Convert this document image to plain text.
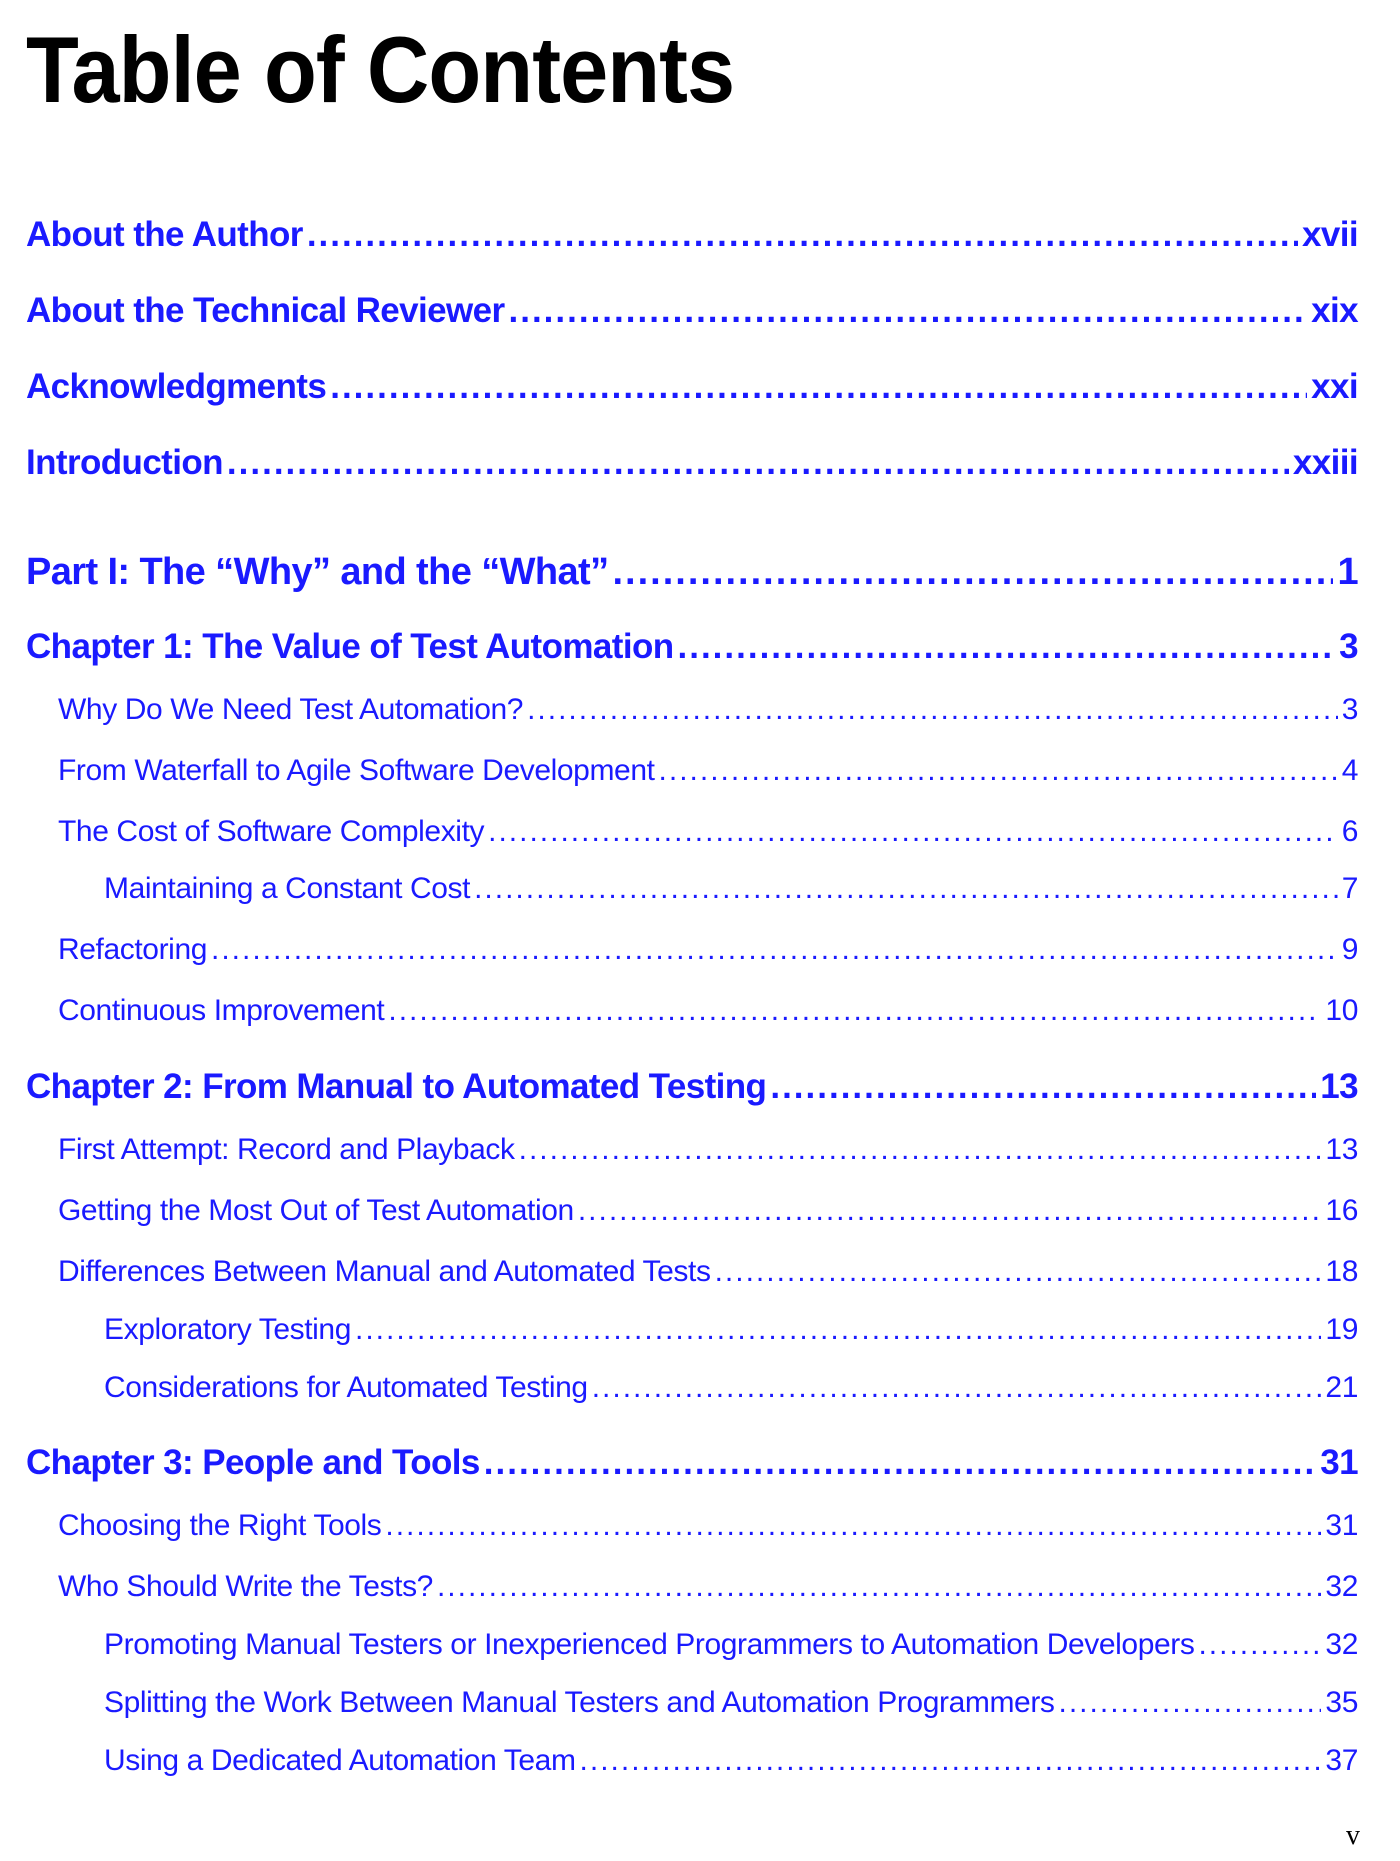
Table of Contents
About the Author .....	xvii
About the Technical Reviewer .....	xix
Acknowledgments .....	xxi
Introduction .....	xxiii
Part I: The “Why” and the “What” .....	1
Chapter 1: The Value of Test Automation .....	3
Why Do We Need Test Automation? .....	3
From Waterfall to Agile Software Development .....	4
The Cost of Software Complexity .....	6
Maintaining a Constant Cost .....	7
Refactoring .....	9
Continuous Improvement .....	10
Chapter 2: From Manual to Automated Testing .....	13
First Attempt: Record and Playback .....	13
Getting the Most Out of Test Automation .....	16
Differences Between Manual and Automated Tests .....	18
Exploratory Testing .....	19
Considerations for Automated Testing .....	21
Chapter 3: People and Tools .....	31
Choosing the Right Tools .....	31
Who Should Write the Tests? .....	32
Promoting Manual Testers or Inexperienced Programmers to Automation Developers .....	32
Splitting the Work Between Manual Testers and Automation Programmers .....	35
Using a Dedicated Automation Team .....	37
v
